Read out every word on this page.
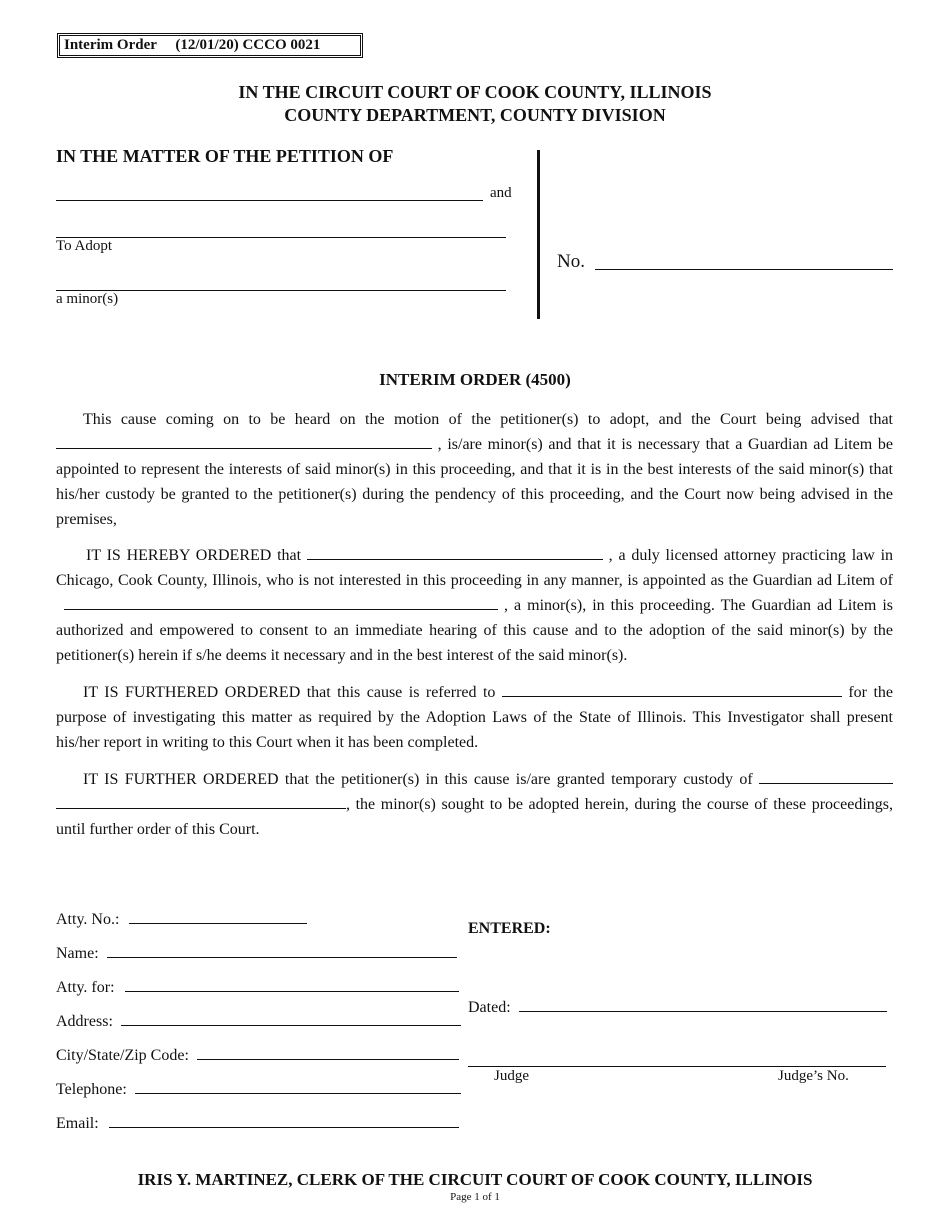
Interim Order (12/01/20) CCCO 0021
IN THE CIRCUIT COURT OF COOK COUNTY, ILLINOIS
COUNTY DEPARTMENT, COUNTY DIVISION
IN THE MATTER OF THE PETITION OF
and
To Adopt
a minor(s)
No.
INTERIM ORDER (4500)
This cause coming on to be heard on the motion of the petitioner(s) to adopt, and the Court being advised that  , is/are minor(s) and that it is necessary that a Guardian ad Litem be appointed to represent the interests of said minor(s) in this proceeding, and that it is in the best interests of the said minor(s) that his/her custody be granted to the petitioner(s) during the pendency of this proceeding, and the Court now being advised in the premises,
IT IS HEREBY ORDERED that	, a duly licensed attorney practicing law in Chicago, Cook County, Illinois, who is not interested in this proceeding in any manner, is appointed as the Guardian ad Litem of  , a minor(s), in this proceeding. The Guardian ad Litem is authorized and empowered to consent to an immediate hearing of this cause and to the adoption of the said minor(s) by the petitioner(s) herein if s/he deems it necessary and in the best interest of the said minor(s).
IT IS FURTHERED ORDERED that this cause is referred to	for the purpose of investigating this matter as required by the Adoption Laws of the State of Illinois. This Investigator shall present his/her report in writing to this Court when it has been completed.
IT IS FURTHER ORDERED that the petitioner(s) in this cause is/are granted temporary custody of  , the minor(s) sought to be adopted herein, during the course of these proceedings, until further order of this Court.
Atty. No.:
Name:
Atty. for:
Address:
City/State/Zip Code:
Telephone:
Email:
ENTERED:
Dated:
Judge	Judge’s No.
IRIS Y. MARTINEZ, CLERK OF THE CIRCUIT COURT OF COOK COUNTY, ILLINOIS
Page 1 of 1
